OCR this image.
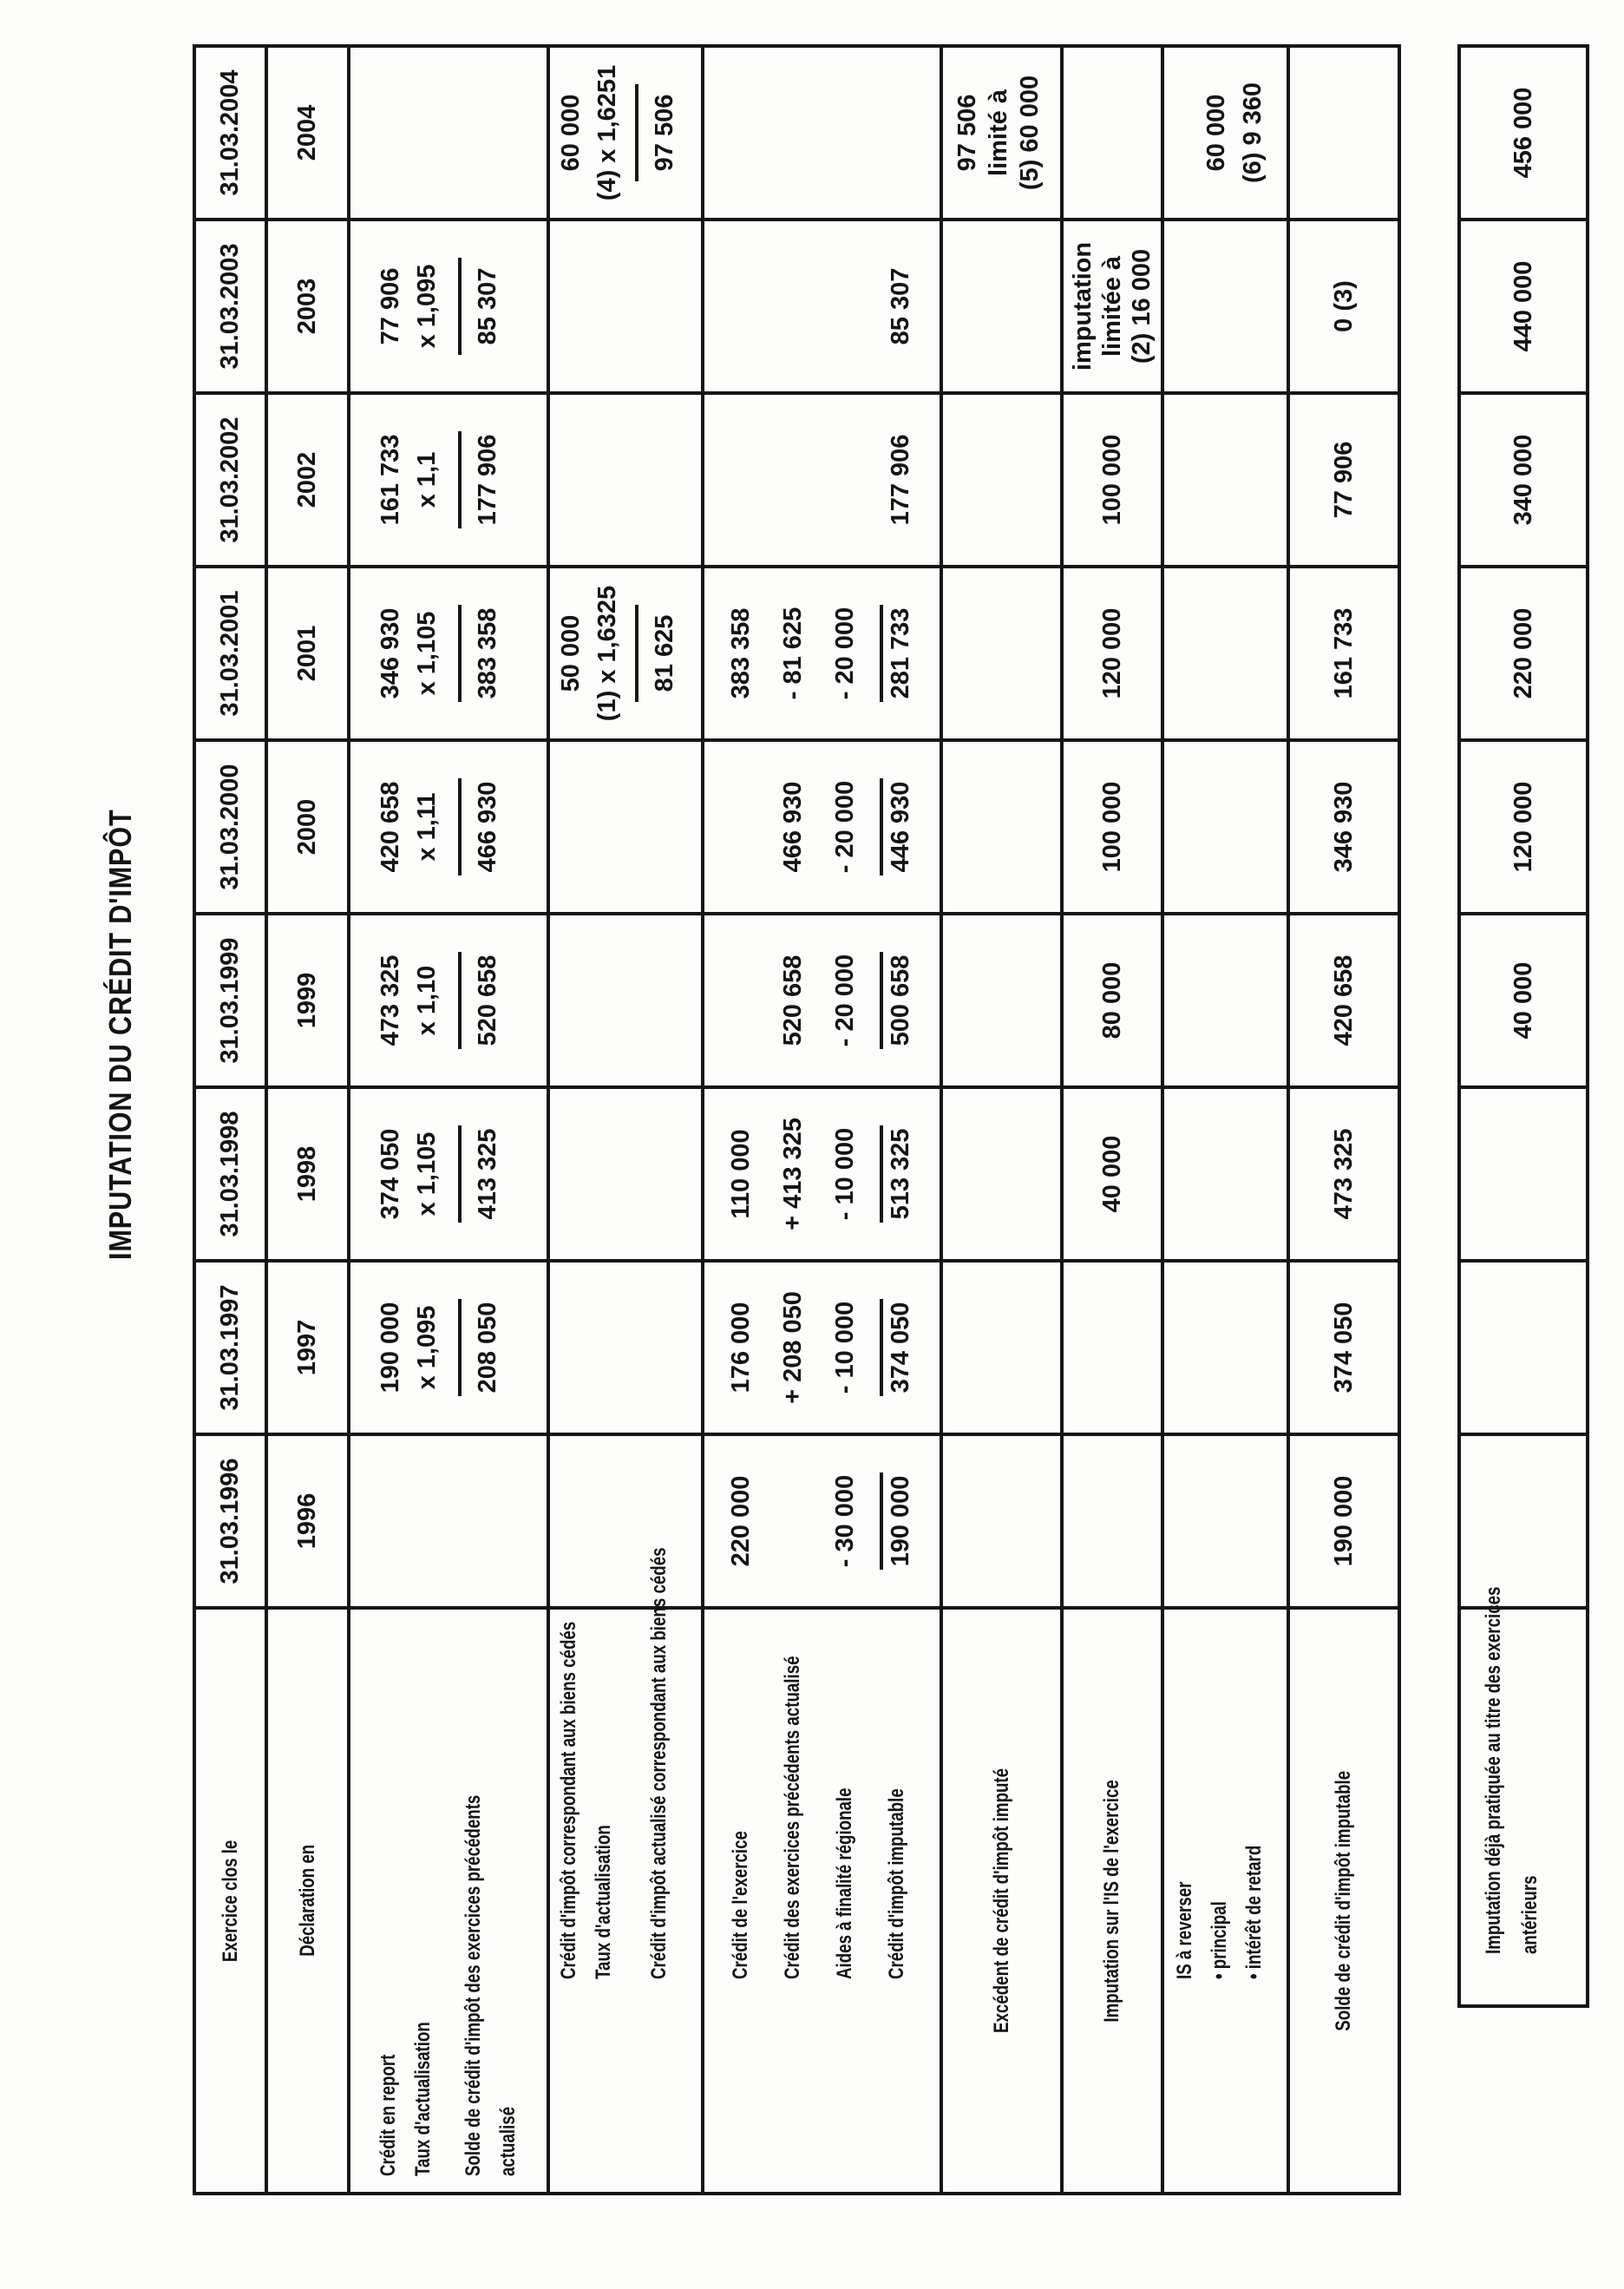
IMPUTATION DU CRÉDIT D'IMPÔT
Exercice clos le
31.03.1996
31.03.1997
31.03.1998
31.03.1999
31.03.2000
31.03.2001
31.03.2002
31.03.2003
31.03.2004
Déclaration en
1996
1997
1998
1999
2000
2001
2002
2003
2004
Crédit en report Taux d'actualisation Solde de crédit d'impôt des exercices précédents actualisé
190 000 x 1,095 208 050
374 050 x 1,105 413 325
473 325 x 1,10 520 658
420 658 x 1,11 466 930
346 930 x 1,105 383 358
161 733 x 1,1 177 906
77 906 x 1,095 85 307
Crédit d'impôt correspondant aux biens cédés Taux d'actualisation Crédit d'impôt actualisé correspondant aux biens cédés
50 000 (1) x 1,6325 81 625
60 000 (4) x 1,6251 97 506
Crédit de l'exercice Crédit des exercices précédents actualisé Aides à finalité régionale Crédit d'impôt imputable
220 000	- 30 000 190 000
176 000 + 208 050 - 10 000 374 050
110 000 + 413 325 - 10 000 513 325
520 658 - 20 000 500 658
466 930 - 20 000 446 930
383 358 - 81 625 - 20 000 281 733
177 906
85 307
Excédent de crédit d'impôt imputé
97 506 limité à (5) 60 000
Imputation sur l'IS de l'exercice
40 000
80 000
100 000
120 000
100 000
imputation limitée à (2) 16 000
IS à reverser • principal • intérêt de retard
60 000 (6) 9 360
Solde de crédit d'impôt imputable
190 000
374 050
473 325
420 658
346 930
161 733
77 906
0 (3)
Imputation déjà pratiquée au titre des exercices antérieurs
40 000
120 000
220 000
340 000
440 000
456 000
